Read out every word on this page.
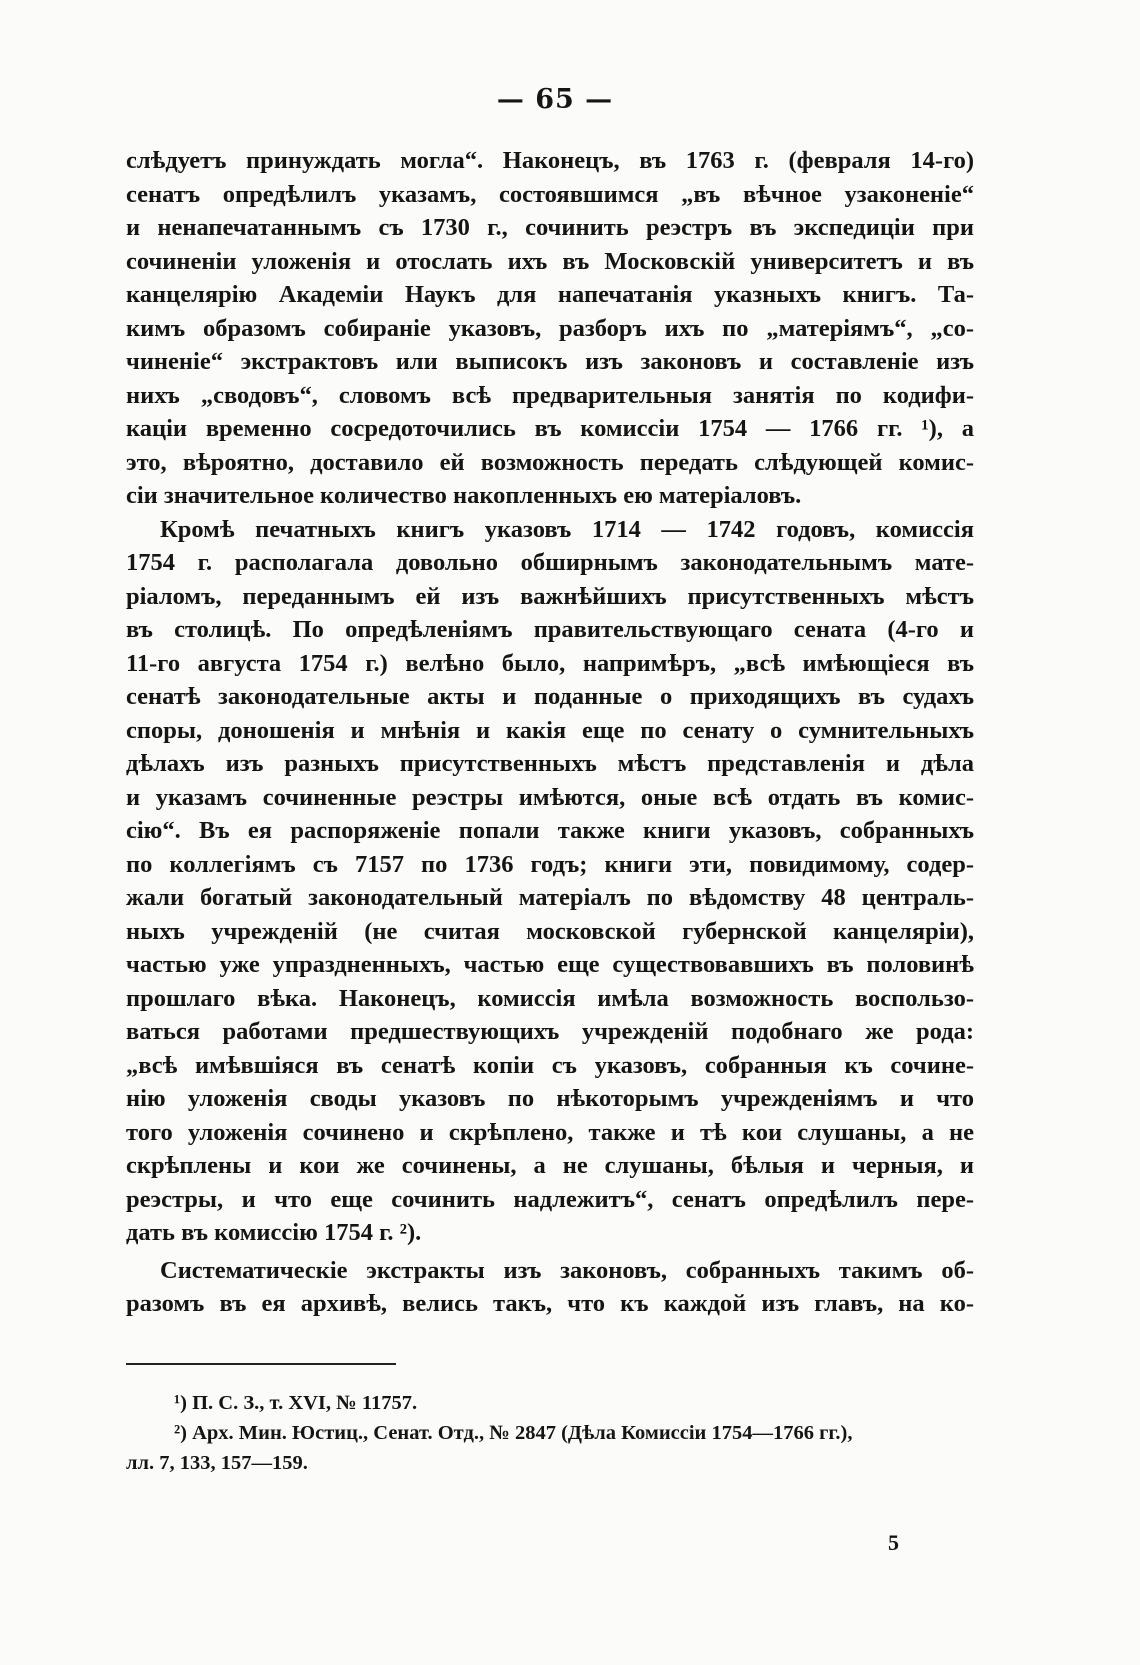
— 65 —
слѣдуетъ принуждать могла“. Наконецъ, въ 1763 г. (февраля 14-го)
сенатъ опредѣлилъ указамъ, состоявшимся „въ вѣчное узаконеніе“
и ненапечатаннымъ съ 1730 г., сочинить реэстръ въ экспедиціи при
сочиненіи уложенія и отослать ихъ въ Московскій университетъ и въ
канцелярію Академіи Наукъ для напечатанія указныхъ книгъ. Та-
кимъ образомъ собираніе указовъ, разборъ ихъ по „матеріямъ“, „со-
чиненіе“ экстрактовъ или выписокъ изъ законовъ и составленіе изъ
нихъ „сводовъ“, словомъ всѣ предварительныя занятія по кодифи-
каціи временно сосредоточились въ комиссіи 1754 — 1766 гг. ¹), а
это, вѣроятно, доставило ей возможность передать слѣдующей комис-
сіи значительное количество накопленныхъ ею матеріаловъ.
Кромѣ печатныхъ книгъ указовъ 1714 — 1742 годовъ, комиссія
1754 г. располагала довольно обширнымъ законодательнымъ мате-
ріаломъ, переданнымъ ей изъ важнѣйшихъ присутственныхъ мѣстъ
въ столицѣ. По опредѣленіямъ правительствующаго сената (4-го и
11-го августа 1754 г.) велѣно было, напримѣръ, „всѣ имѣющіеся въ
сенатѣ законодательные акты и поданные о приходящихъ въ судахъ
споры, доношенія и мнѣнія и какія еще по сенату о сумнительныхъ
дѣлахъ изъ разныхъ присутственныхъ мѣстъ представленія и дѣла
и указамъ сочиненные реэстры имѣются, оные всѣ отдать въ комис-
сію“. Въ ея распоряженіе попали также книги указовъ, собранныхъ
по коллегіямъ съ 7157 по 1736 годъ; книги эти, повидимому, содер-
жали богатый законодательный матеріалъ по вѣдомству 48 централь-
ныхъ учрежденій (не считая московской губернской канцеляріи),
частью уже упраздненныхъ, частью еще существовавшихъ въ половинѣ
прошлаго вѣка. Наконецъ, комиссія имѣла возможность воспользо-
ваться работами предшествующихъ учрежденій подобнаго же рода:
„всѣ имѣвшіяся въ сенатѣ копіи съ указовъ, собранныя къ сочине-
нію уложенія своды указовъ по нѣкоторымъ учрежденіямъ и что
того уложенія сочинено и скрѣплено, также и тѣ кои слушаны, а не
скрѣплены и кои же сочинены, а не слушаны, бѣлыя и черныя, и
реэстры, и что еще сочинить надлежитъ“, сенатъ опредѣлилъ пере-
дать въ комиссію 1754 г. ²).
Систематическіе экстракты изъ законовъ, собранныхъ такимъ об-
разомъ въ ея архивѣ, велись такъ, что къ каждой изъ главъ, на ко-
¹) П. С. З., т. XVI, № 11757.
²) Арх. Мин. Юстиц., Сенат. Отд., № 2847 (Дѣла Комиссіи 1754—1766 гг.),
лл. 7, 133, 157—159.
5
